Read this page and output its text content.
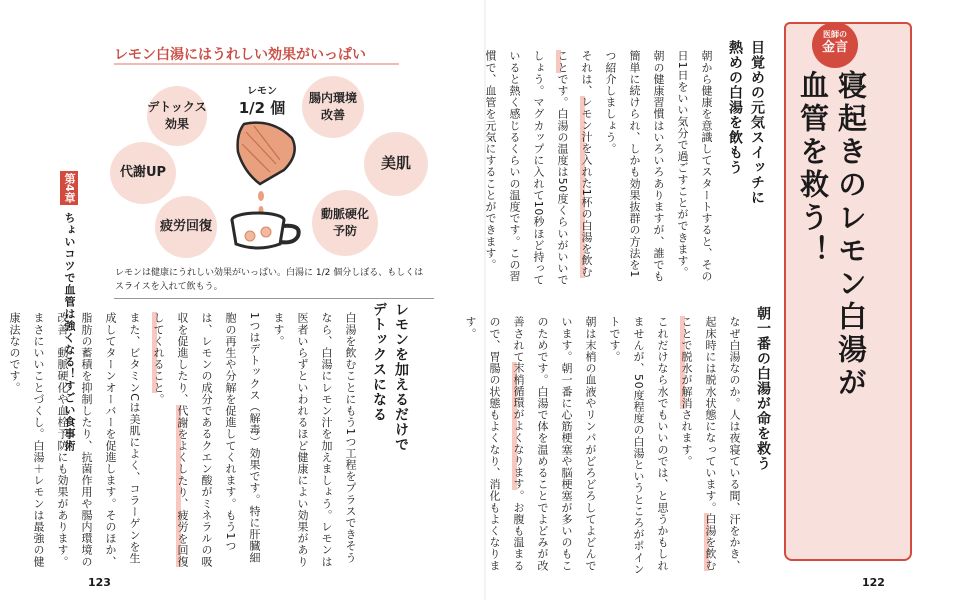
第4章
ちょいコツで血管は強くなる！すごい食事術
レモン白湯にはうれしい効果がいっぱい
デトックス
効果
腸内環境
改善
代謝UP	美肌
疲労回復
動脈硬化
予防
レモン
1/2 個
レモンは健康にうれしい効果がいっぱい。白湯に 1/2 個分しぼる、もしくはスライスを入れて飲もう。
レモンを加えるだけで
デトックスになる
白湯を飲むことにもう1つ工程をプラスできそうなら、白湯にレモン汁を加えましょう。レモンは医者いらずといわれるほど健康によい効果があります。
1つはデトックス（解毒）効果です。特に肝臓細胞の再生や分解を促進してくれます。もう1つは、レモンの成分であるクエン酸がミネラルの吸収を促進したり、代謝をよくしたり、疲労を回復してくれること。
また、ビタミンCは美肌によく、コラーゲンを生成してターンオーバーを促進します。そのほか、脂肪の蓄積を抑制したり、抗菌作用や腸内環境の改善、動脈硬化や血栓予防にも効果があります。
まさにいいことづくし。白湯＋レモンは最強の健康法なのです。
医師の
金言
寝起きのレモン白湯が
血管を救う！
目覚めの元気スイッチに
熱めの白湯を飲もう
朝から健康を意識してスタートすると、その日1日をいい気分で過ごすことができます。朝の健康習慣はいろいろありますが、誰でも簡単に続けられ、しかも効果抜群の方法を1つ紹介しましょう。
それは、レモン汁を入れた1杯の白湯を飲むことです。白湯の温度は50度くらいがいいでしょう。マグカップに入れて10秒ほど持っていると熱く感じるくらいの温度です。この習慣で、血管を元気にすることができます。
朝一番の白湯が命を救う
なぜ白湯なのか。人は夜寝ている間、汗をかき、起床時には脱水状態になっています。白湯を飲むことで脱水が解消されます。
これだけなら水でもいいのでは、と思うかもしれませんが、50度程度の白湯というところがポイントです。
朝は末梢の血液やリンパがどろどろしてよどんでいます。朝一番に心筋梗塞や脳梗塞が多いのもこのためです。白湯で体を温めることでよどみが改善されて末梢循環がよくなります。お腹も温まるので、胃腸の状態もよくなり、消化もよくなります。
123	122
